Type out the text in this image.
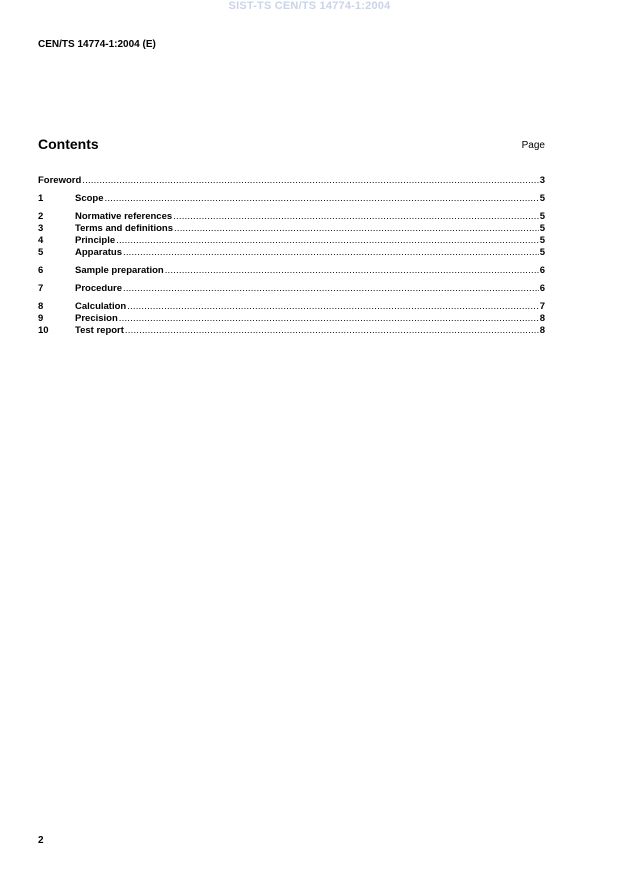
SIST-TS CEN/TS 14774-1:2004
CEN/TS 14774-1:2004 (E)
Contents	Page
Foreword .....	3
1	Scope .....	5
2	Normative references .....	5
3	Terms and definitions .....	5
4	Principle .....	5
5	Apparatus .....	5
6	Sample preparation .....	6
7	Procedure .....	6
8	Calculation .....	7
9	Precision .....	8
10	Test report .....	8
2
